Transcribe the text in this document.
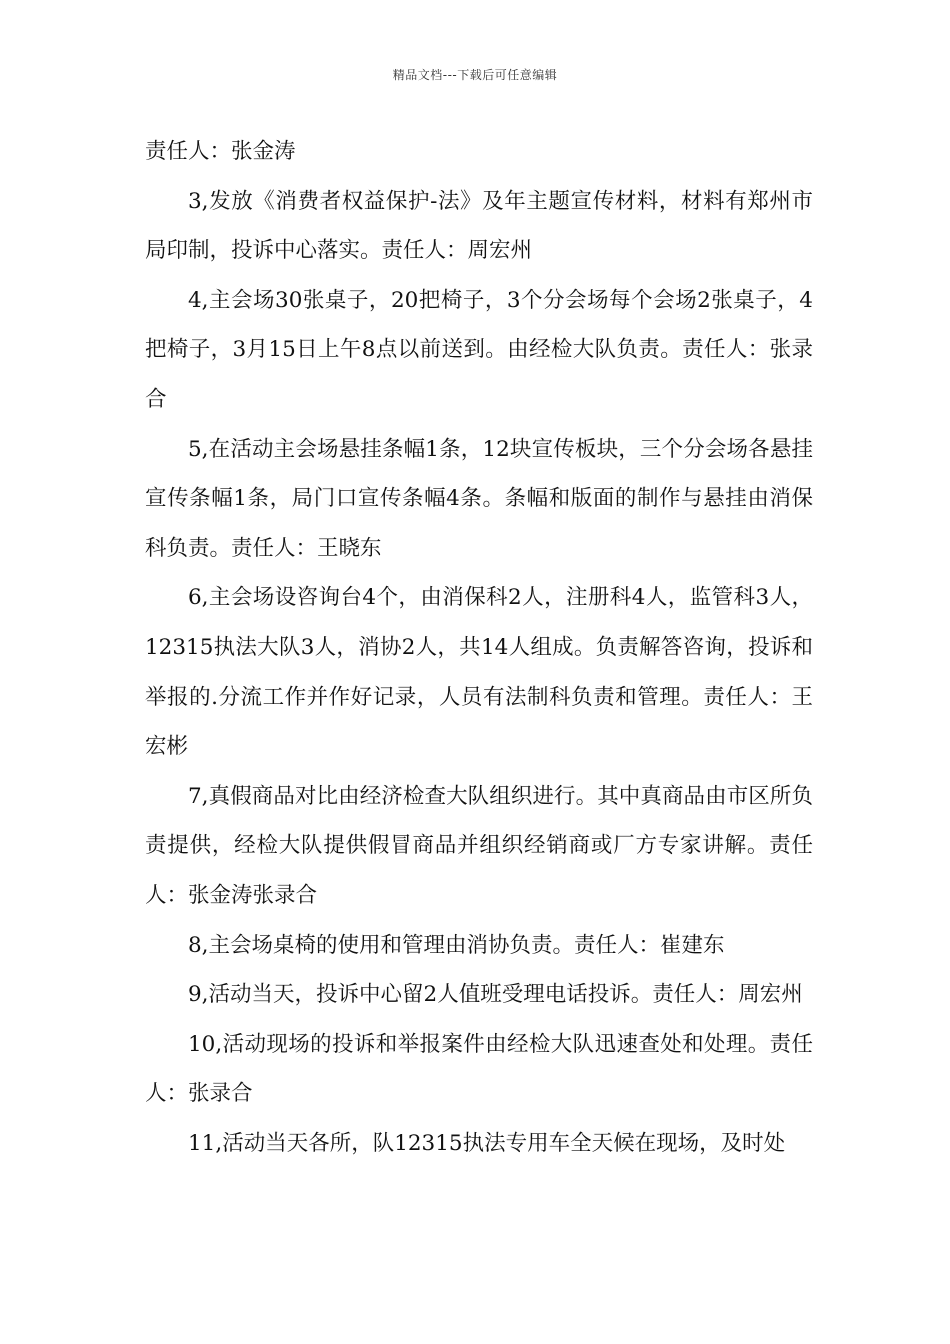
精品文档---下载后可任意编辑

责任人：张金涛

3,发放《消费者权益保护-法》及年主题宣传材料，材料有郑州市局印制，投诉中心落实。责任人：周宏州

4,主会场30张桌子，20把椅子，3个分会场每个会场2张桌子，4把椅子，3月15日上午8点以前送到。由经检大队负责。责任人：张录合

5,在活动主会场悬挂条幅1条，12块宣传板块，三个分会场各悬挂宣传条幅1条，局门口宣传条幅4条。条幅和版面的制作与悬挂由消保科负责。责任人：王晓东

6,主会场设咨询台4个，由消保科2人，注册科4人，监管科3人，12315执法大队3人，消协2人，共14人组成。负责解答咨询，投诉和举报的.分流工作并作好记录，人员有法制科负责和管理。责任人：王宏彬

7,真假商品对比由经济检查大队组织进行。其中真商品由市区所负责提供，经检大队提供假冒商品并组织经销商或厂方专家讲解。责任人：张金涛张录合

8,主会场桌椅的使用和管理由消协负责。责任人：崔建东

9,活动当天，投诉中心留2人值班受理电话投诉。责任人：周宏州

10,活动现场的投诉和举报案件由经检大队迅速查处和处理。责任人：张录合

11,活动当天各所，队12315执法专用车全天候在现场，及时处
